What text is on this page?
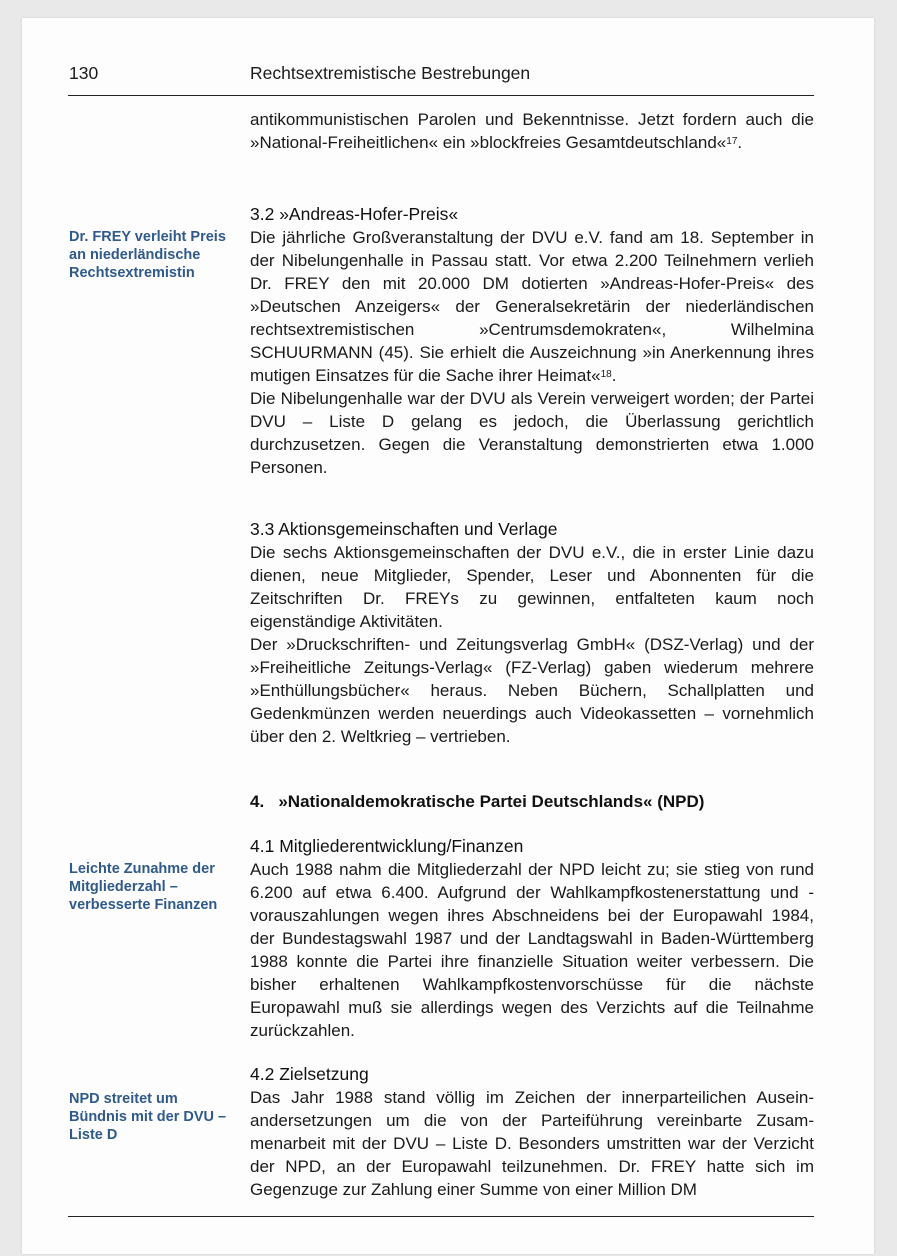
130	Rechtsextremistische Bestrebungen
Dr. FREY verleiht Preis an niederländische Rechtsextremistin
Leichte Zunahme der Mitgliederzahl – verbesserte Finanzen
NPD streitet um Bündnis mit der DVU – Liste D

antikommunistischen Parolen und Bekenntnisse. Jetzt fordern auch die »National-Freiheitlichen« ein »blockfreies Gesamtdeutschland«$^{17}$.

3.2 »Andreas-Hofer-Preis«

Die jährliche Großveranstaltung der DVU e.V. fand am 18. September in der Nibelungenhalle in Passau statt. Vor etwa 2.200 Teilnehmern verlieh Dr. FREY den mit 20.000 DM dotierten »Andreas-Hofer-Preis« des »Deutschen Anzeigers« der Generalsekretärin der niederländischen rechtsextremistischen »Centrumsdemokraten«, Wilhelmina SCHUURMANN (45). Sie erhielt die Auszeichnung »in Anerkennung ihres mutigen Einsatzes für die Sache ihrer Heimat«$^{18}$.

Die Nibelungenhalle war der DVU als Verein verweigert worden; der Partei DVU – Liste D gelang es jedoch, die Überlassung gerichtlich durchzusetzen. Gegen die Veranstaltung demonstrierten etwa 1.000 Personen.

3.3 Aktionsgemeinschaften und Verlage

Die sechs Aktionsgemeinschaften der DVU e.V., die in erster Linie dazu dienen, neue Mitglieder, Spender, Leser und Abonnenten für die Zeitschriften Dr. FREYs zu gewinnen, entfalteten kaum noch eigenständige Aktivitäten.

Der »Druckschriften- und Zeitungsverlag GmbH« (DSZ-Verlag) und der »Freiheitliche Zeitungs-Verlag« (FZ-Verlag) gaben wiederum mehrere »Enthüllungsbücher« heraus. Neben Büchern, Schallplatten und Gedenkmünzen werden neuerdings auch Videokassetten – vornehmlich über den 2. Weltkrieg – vertrieben.

4.   »Nationaldemokratische Partei Deutschlands« (NPD)
4.1 Mitgliederentwicklung/Finanzen

Auch 1988 nahm die Mitgliederzahl der NPD leicht zu; sie stieg von rund 6.200 auf etwa 6.400. Aufgrund der Wahlkampfkostenerstattung und -vorauszahlungen wegen ihres Abschneidens bei der Europawahl 1984, der Bundestagswahl 1987 und der Landtagswahl in Baden-Württemberg 1988 konnte die Partei ihre finanzielle Situation weiter verbessern. Die bisher erhaltenen Wahlkampfkostenvorschüsse für die nächste Europawahl muß sie allerdings wegen des Verzichts auf die Teilnahme zurückzahlen.

4.2 Zielsetzung

Das Jahr 1988 stand völlig im Zeichen der innerparteilichen Auseinandersetzungen um die von der Parteiführung vereinbarte Zusammenarbeit mit der DVU – Liste D. Besonders umstritten war der Verzicht der NPD, an der Europawahl teilzunehmen. Dr. FREY hatte sich im Gegenzuge zur Zahlung einer Summe von einer Million DM
